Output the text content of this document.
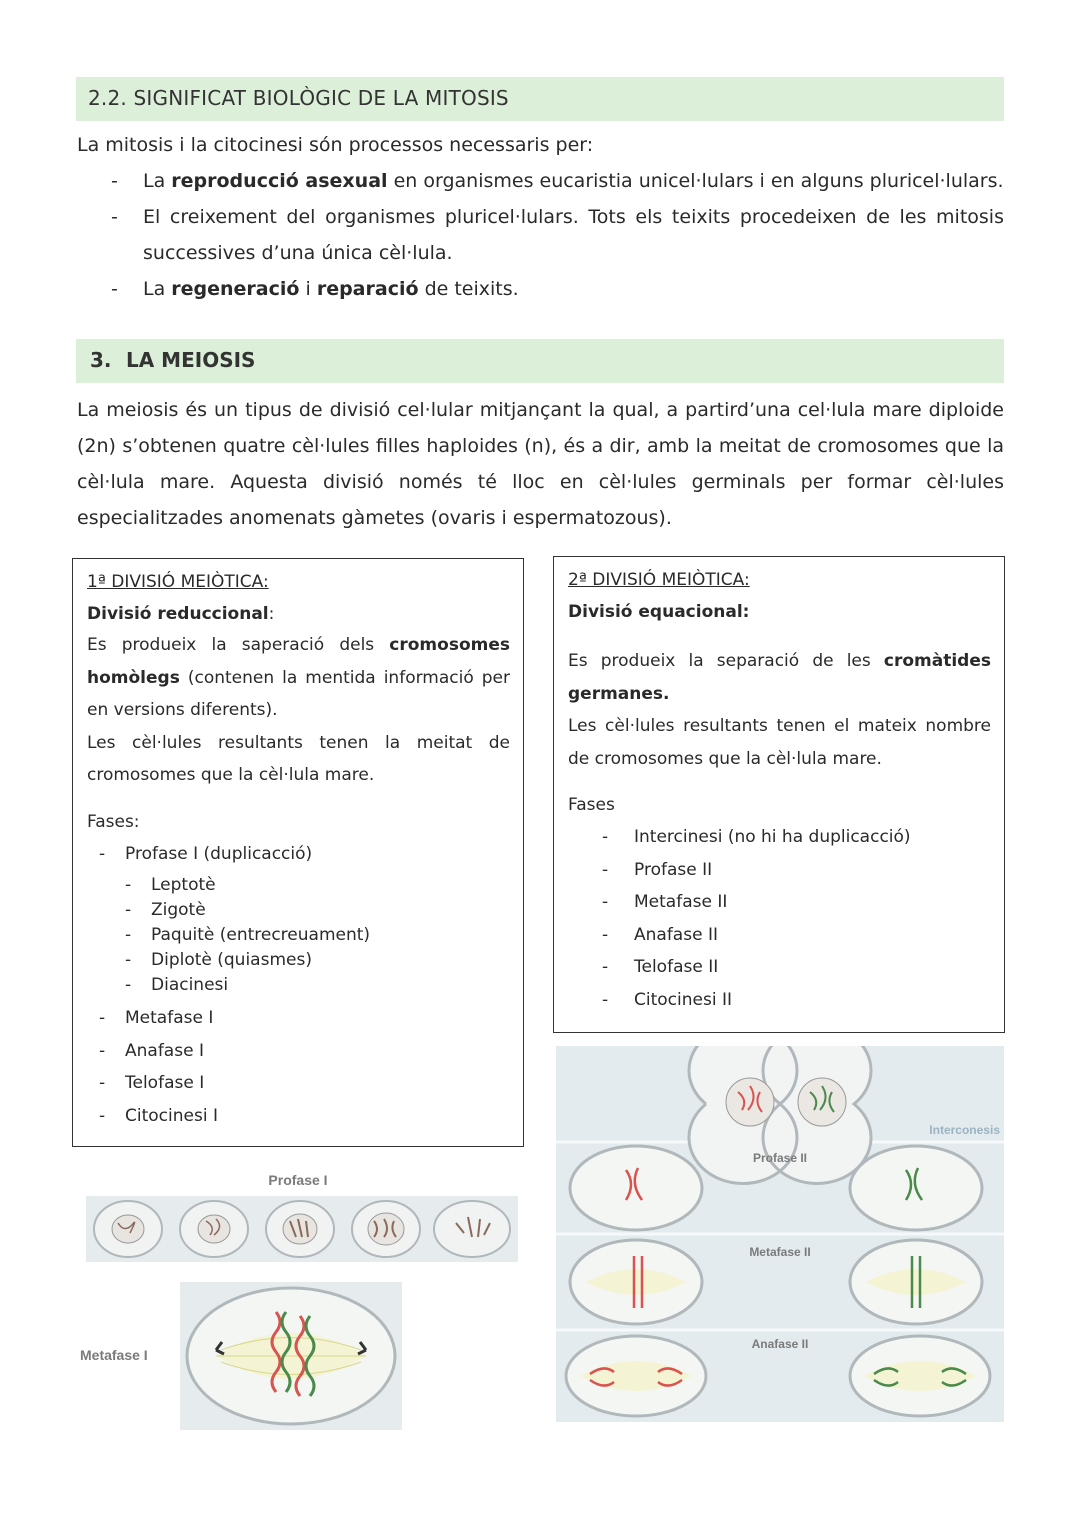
2.2. SIGNIFICAT BIOLÒGIC DE LA MITOSIS
La mitosis i la citocinesi són processos necessaris per:
- La reproducció asexual en organismes eucaristia unicel·lulars i en alguns pluricel·lulars.
- El creixement del organismes pluricel·lulars. Tots els teixits procedeixen de les mitosis successives d’una única cèl·lula.
- La regeneració i reparació de teixits.
3. LA MEIOSIS
La meiosis és un tipus de divisió cel·lular mitjançant la qual, a partird’una cel·lula mare diploide (2n) s’obtenen quatre cèl·lules filles haploides (n), és a dir, amb la meitat de cromosomes que la cèl·lula mare. Aquesta divisió només té lloc en cèl·lules germinals per formar cèl·lules especialitzades anomenats gàmetes (ovaris i espermatozous).
1ª DIVISIÓ MEIÒTICA:
Divisió reduccional:
Es produeix la saperació dels cromosomes homòlegs (contenen la mentida informació per en versions diferents).
Les cèl·lules resultants tenen la meitat de cromosomes que la cèl·lula mare.
Fases:
- Profase I (duplicacció)
- Leptotè
- Zigotè
- Paquitè (entrecreuament)
- Diplotè (quiasmes)
- Diacinesi
- Metafase I
- Anafase I
- Telofase I
- Citocinesi I
2ª DIVISIÓ MEIÒTICA:
Divisió equacional:
Es produeix la separació de les cromàtides germanes.
Les cèl·lules resultants tenen el mateix nombre de cromosomes que la cèl·lula mare.
Fases
- Intercinesi (no hi ha duplicacció)
- Profase II
- Metafase II
- Anafase II
- Telofase II
- Citocinesi II
Profase I
Metafase I
Interconesis
Profase II
Metafase II
Anafase II
